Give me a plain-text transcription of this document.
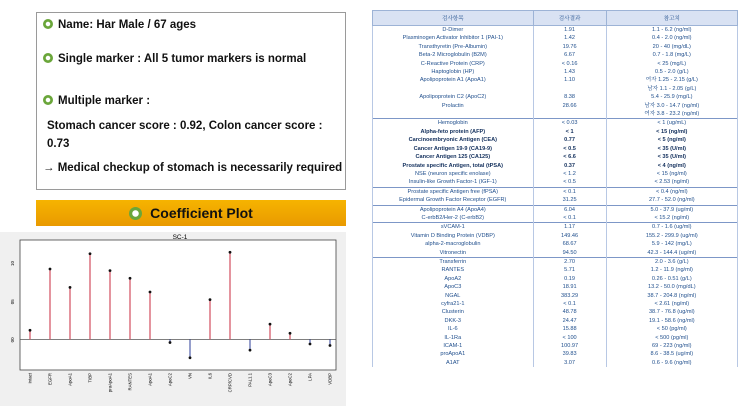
Name: Har Male / 67 ages
Single marker : All 5 tumor markers is normal
Multiple marker :
Stomach cancer score : 0.92, Colon cancer score : 0.73
→ Medical checkup of stomach is necessarily required
Coefficient Plot
SC-1
10
05
00
Intact	EGFR	ApoA1	TIBP	proApoA1	RANTES	ApoA1	ApoC2	VN	IL6	CRP/CVD	PAL1.1	ApoC3	ApoC2	LPA	VDBP
검사항목	검사결과	참고치
D-Dimer	1.91	1.1 - 6.2 (ng/ml)
Plasminogen Activator Inhibitor 1 (PAI-1)	1.42	0.4 - 2.0 (ng/ml)
Transthyretin (Pre-Albumin)	19.76	20 - 40 (mg/dL)
Beta-2 Microglobulin (B2M)	6.67	0.7 - 1.8 (mg/L)
C-Reactive Protein (CRP)	< 0.16	< 25 (mg/L)
Haptoglobin (HP)	1.43	0.5 - 2.0 (g/L)
Apolipoprotein A1 (ApoA1)	1.10	여자 1.25 - 2.15 (g/L)
		남자 1.1 - 2.05 (g/L)
Apolipoprotein C2 (ApoC2)	8.38	5.4 - 25.9 (mg/L)
Prolactin	28.66	남자 3.0 - 14.7 (ng/ml)
		여자 3.8 - 23.2 (ng/ml)
Hemoglobin	< 0.03	< 1 (ug/mL)
Alpha-feto protein (AFP)	< 1	< 15 (ng/ml)
Carcinoembryonic Antigen (CEA)	0.77	< 5 (ng/ml)
Cancer Antigen 19-9 (CA19-9)	< 0.5	< 35 (U/ml)
Cancer Antigen 125 (CA125)	< 6.6	< 35 (U/ml)
Prostate specific Antigen, total (tPSA)	0.37	< 4 (ng/ml)
NSE (neuron specific enolase)	< 1.2	< 15 (ng/ml)
Insulin-like Growth Factor-1 (IGF-1)	< 0.5	< 2.53 (ng/ml)
Prostate specific Antigen free (fPSA)	< 0.1	< 0.4 (ng/ml)
Epidermal Growth Factor Receptor (EGFR)	31.25	27.7 - 52.0 (ng/ml)
Apolipoprotein A4 (ApoA4)	6.04	5.0 - 37.9 (ug/ml)
C-erbB2/Her-2 (C-erbB2)	< 0.1	< 15.2 (ng/ml)
sVCAM-1	1.17	0.7 - 1.6 (ug/ml)
Vitamin D Binding Protein (VDBP)	149.46	155.2 - 299.9 (ug/ml)
alpha-2-macroglobulin	68.67	5.9 - 142 (mg/L)
Vitronectin	94.50	42.3 - 144.4 (ug/ml)
Transferrin	2.70	2.0 - 3.6 (g/L)
RANTES	5.71	1.2 - 11.9 (ng/ml)
ApoA2	0.19	0.26 - 0.51 (g/L)
ApoC3	18.91	13.2 - 50.0 (mg/dL)
NGAL	383.29	38.7 - 204.8 (ng/ml)
cyfra21-1	< 0.1	< 2.61 (ng/ml)
Clusterin	48.78	38.7 - 76.8 (ug/ml)
DKK-3	24.47	19.1 - 58.6 (ng/ml)
IL-6	15.88	< 50 (pg/ml)
IL-1Ra	< 100	< 500 (pg/ml)
ICAM-1	100.97	69 - 223 (ng/ml)
proApoA1	39.83	8.6 - 38.5 (ug/ml)
A1AT	3.07	0.6 - 9.6 (ng/ml)
